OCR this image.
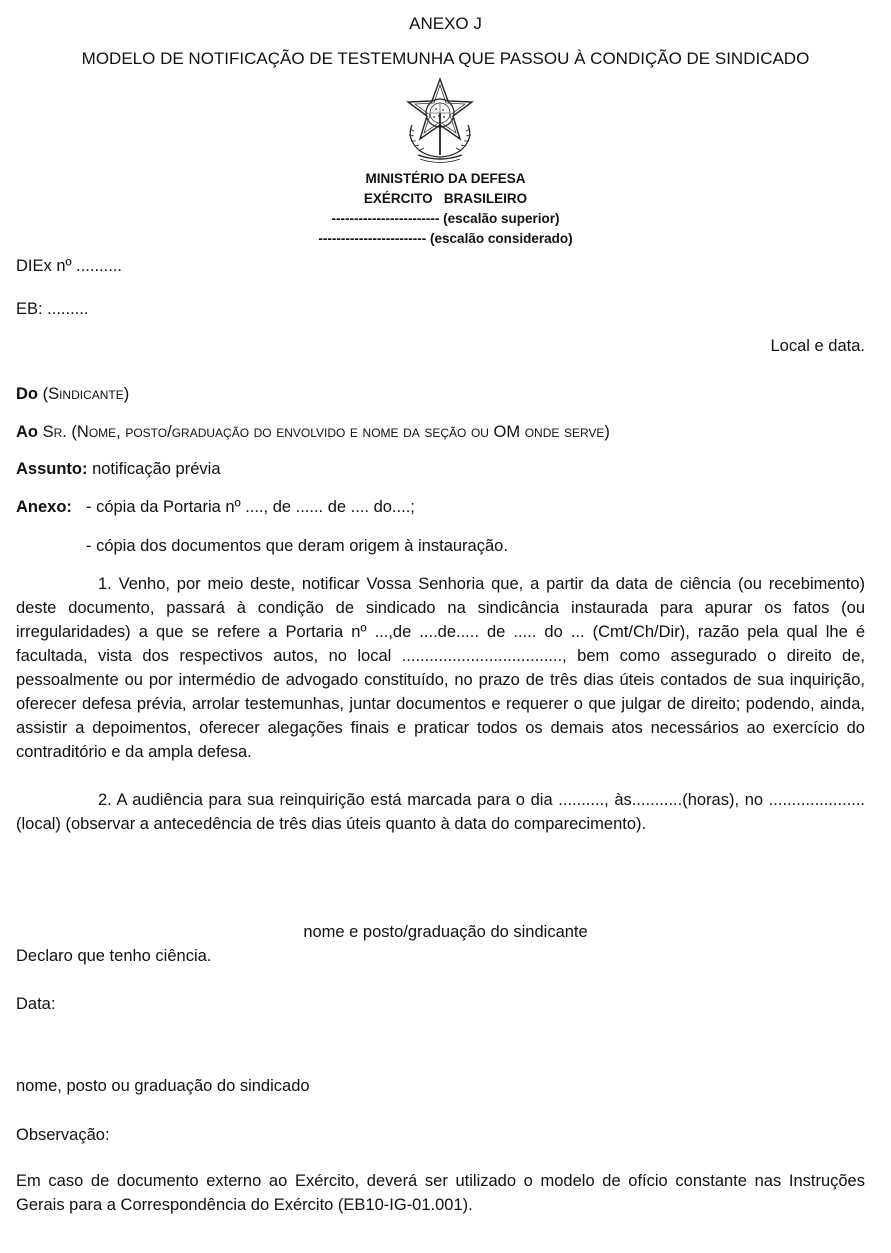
ANEXO J
MODELO DE NOTIFICAÇÃO DE TESTEMUNHA QUE PASSOU À CONDIÇÃO DE SINDICADO
MINISTÉRIO DA DEFESA
EXÉRCITO   BRASILEIRO
------------------------ (escalão superior)
------------------------ (escalão considerado)
DIEx nº ..........
EB: .........
Local e data.
Do (Sindicante)
Ao Sr. (Nome, posto/graduação do envolvido e nome da seção ou OM onde serve)
Assunto: notificação prévia
Anexo: - cópia da Portaria nº ...., de ...... de .... do....;
- cópia dos documentos que deram origem à instauração.
1. Venho, por meio deste, notificar Vossa Senhoria que, a partir da data de ciência (ou recebimento) deste documento, passará à condição de sindicado na sindicância instaurada para apurar os fatos (ou irregularidades) a que se refere a Portaria nº ...,de ....de..... de ..... do ... (Cmt/Ch/Dir), razão pela qual lhe é facultada, vista dos respectivos autos, no local ..................................., bem como assegurado o direito de, pessoalmente ou por intermédio de advogado constituído, no prazo de três dias úteis contados de sua inquirição, oferecer defesa prévia, arrolar testemunhas, juntar documentos e requerer o que julgar de direito; podendo, ainda, assistir a depoimentos, oferecer alegações finais e praticar todos os demais atos necessários ao exercício do contraditório e da ampla defesa.
2. A audiência para sua reinquirição está marcada para o dia .........., às...........(horas), no ..................... (local) (observar a antecedência de três dias úteis quanto à data do comparecimento).
nome e posto/graduação do sindicante
Declaro que tenho ciência.
Data:
nome, posto ou graduação do sindicado
Observação:
Em caso de documento externo ao Exército, deverá ser utilizado o modelo de ofício constante nas Instruções Gerais para a Correspondência do Exército (EB10-IG-01.001).
